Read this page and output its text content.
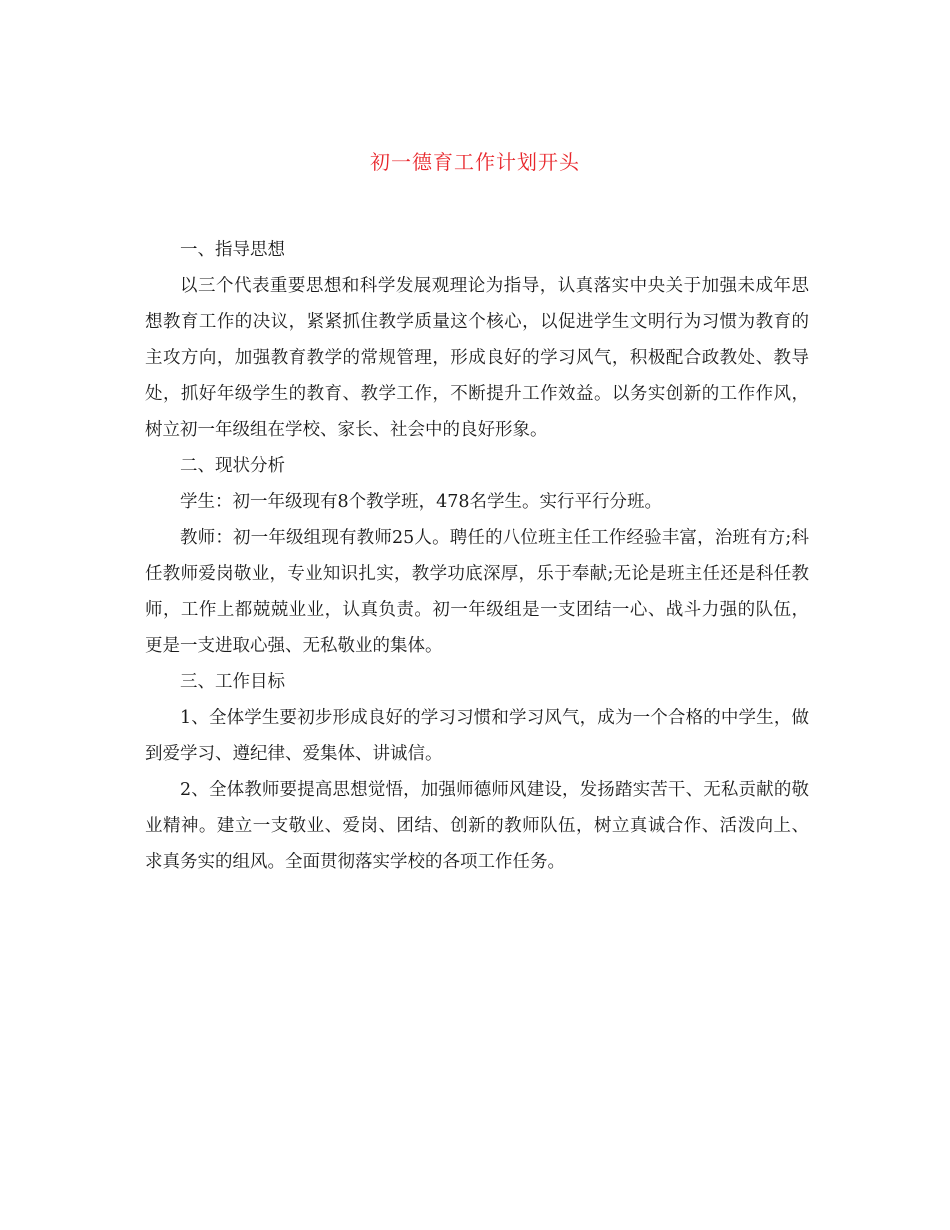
初一德育工作计划开头

一、指导思想

以三个代表重要思想和科学发展观理论为指导，认真落实中央关于加强未成年思想教育工作的决议，紧紧抓住教学质量这个核心，以促进学生文明行为习惯为教育的主攻方向，加强教育教学的常规管理，形成良好的学习风气，积极配合政教处、教导处，抓好年级学生的教育、教学工作，不断提升工作效益。以务实创新的工作作风，树立初一年级组在学校、家长、社会中的良好形象。

二、现状分析

学生：初一年级现有8个教学班，478名学生。实行平行分班。

教师：初一年级组现有教师25人。聘任的八位班主任工作经验丰富，治班有方;科任教师爱岗敬业，专业知识扎实，教学功底深厚，乐于奉献;无论是班主任还是科任教师，工作上都兢兢业业，认真负责。初一年级组是一支团结一心、战斗力强的队伍，更是一支进取心强、无私敬业的集体。

三、工作目标

1、全体学生要初步形成良好的学习习惯和学习风气，成为一个合格的中学生，做到爱学习、遵纪律、爱集体、讲诚信。

2、全体教师要提高思想觉悟，加强师德师风建设，发扬踏实苦干、无私贡献的敬业精神。建立一支敬业、爱岗、团结、创新的教师队伍，树立真诚合作、活泼向上、求真务实的组风。全面贯彻落实学校的各项工作任务。
